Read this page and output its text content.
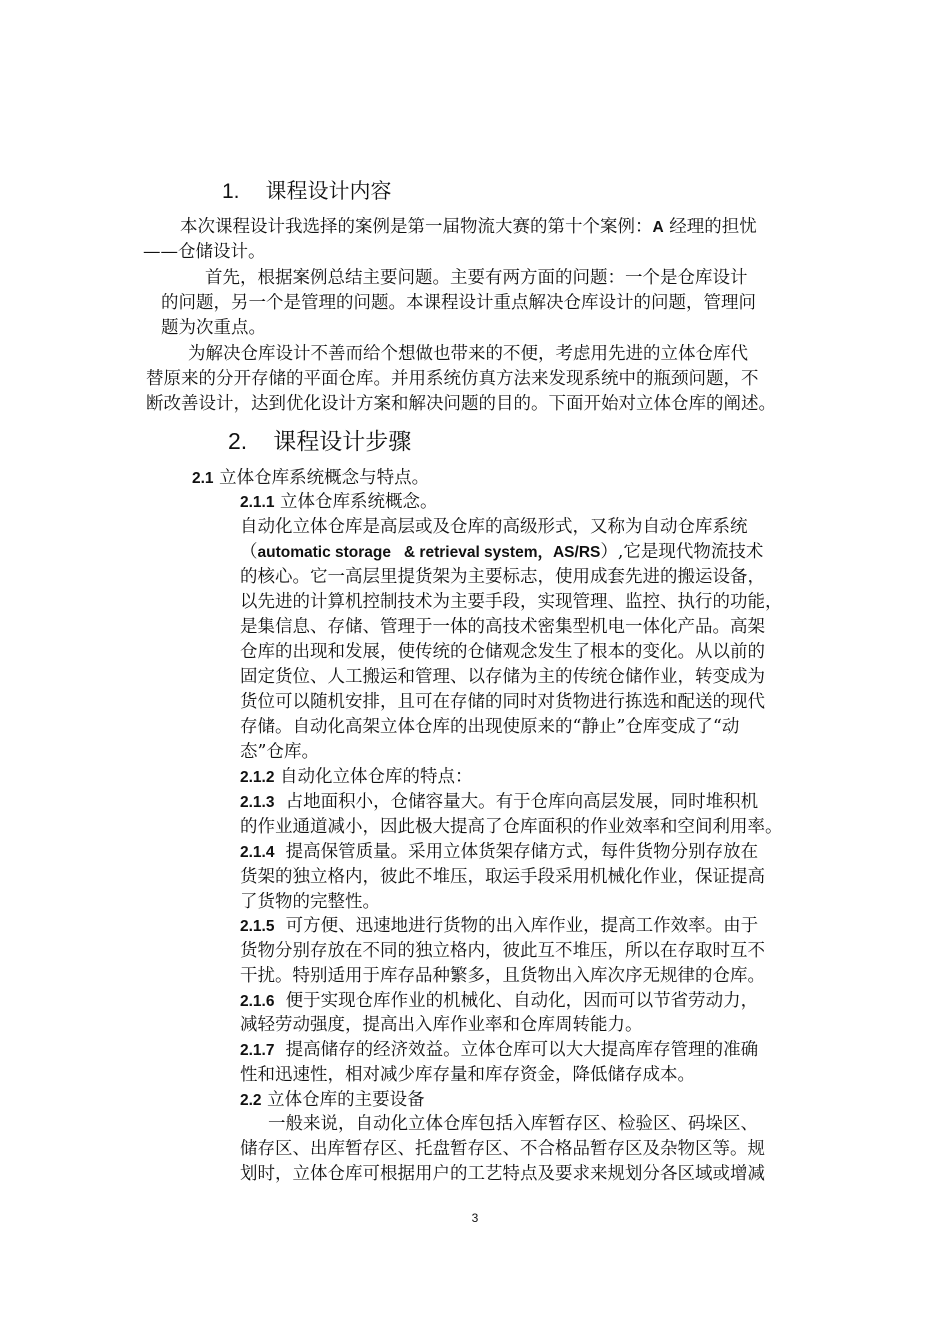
1. 课程设计内容
本次课程设计我选择的案例是第一届物流大赛的第十个案例：A 经理的担忧
——仓储设计。
首先，根据案例总结主要问题。主要有两方面的问题：一个是仓库设计
的问题，另一个是管理的问题。本课程设计重点解决仓库设计的问题，管理问
题为次重点。
为解决仓库设计不善而给个想做也带来的不便，考虑用先进的立体仓库代
替原来的分开存储的平面仓库。并用系统仿真方法来发现系统中的瓶颈问题，不
断改善设计，达到优化设计方案和解决问题的目的。下面开始对立体仓库的阐述。
2. 课程设计步骤
2.1 立体仓库系统概念与特点。
2.1.1 立体仓库系统概念。
自动化立体仓库是高层或及仓库的高级形式，又称为自动仓库系统
（automatic storage   & retrieval system，AS/RS）,它是现代物流技术
的核心。它一高层里提货架为主要标志，使用成套先进的搬运设备，
以先进的计算机控制技术为主要手段，实现管理、监控、执行的功能，
是集信息、存储、管理于一体的高技术密集型机电一体化产品。高架
仓库的出现和发展，使传统的仓储观念发生了根本的变化。从以前的
固定货位、人工搬运和管理、以存储为主的传统仓储作业，转变成为
货位可以随机安排，且可在存储的同时对货物进行拣选和配送的现代
存储。自动化高架立体仓库的出现使原来的“静止”仓库变成了“动
态”仓库。
2.1.2 自动化立体仓库的特点：
2.1.3  占地面积小，仓储容量大。有于仓库向高层发展，同时堆积机
的作业通道减小，因此极大提高了仓库面积的作业效率和空间利用率。
2.1.4  提高保管质量。采用立体货架存储方式，每件货物分别存放在
货架的独立格内，彼此不堆压，取运手段采用机械化作业，保证提高
了货物的完整性。
2.1.5  可方便、迅速地进行货物的出入库作业，提高工作效率。由于
货物分别存放在不同的独立格内，彼此互不堆压，所以在存取时互不
干扰。特别适用于库存品种繁多，且货物出入库次序无规律的仓库。
2.1.6  便于实现仓库作业的机械化、自动化，因而可以节省劳动力，
减轻劳动强度，提高出入库作业率和仓库周转能力。
2.1.7  提高储存的经济效益。立体仓库可以大大提高库存管理的准确
性和迅速性，相对减少库存量和库存资金，降低储存成本。
2.2 立体仓库的主要设备
一般来说，自动化立体仓库包括入库暂存区、检验区、码垛区、
储存区、出库暂存区、托盘暂存区、不合格品暂存区及杂物区等。规
划时，立体仓库可根据用户的工艺特点及要求来规划分各区域或增减
3
